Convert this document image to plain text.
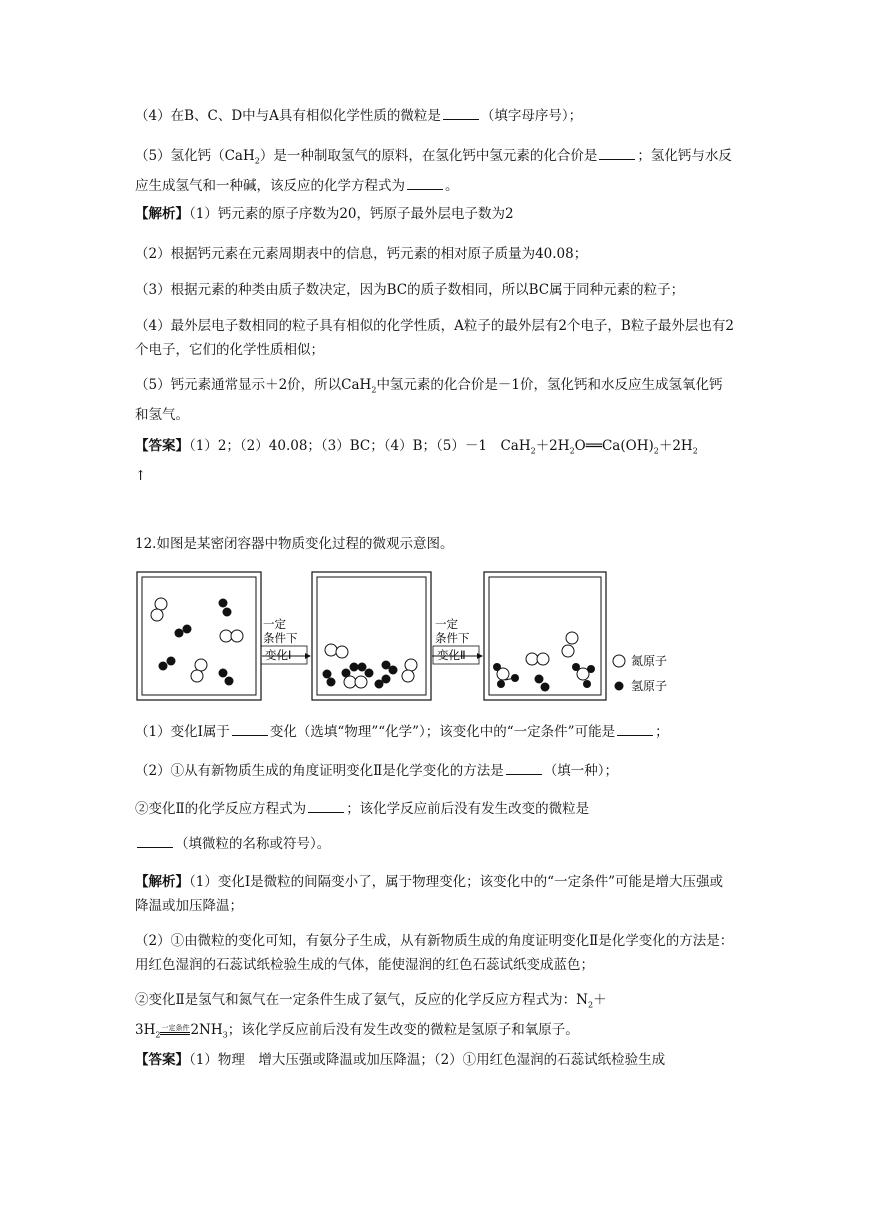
（4）在B、C、D中与A具有相似化学性质的微粒是	（填字母序号）；

（5）氢化钙（CaH$_2$）是一种制取氢气的原料，在氢化钙中氢元素的化合价是	；氢化钙与水反应生成氢气和一种碱，该反应的化学方程式为	。

【解析】（1）钙元素的原子序数为20，钙原子最外层电子数为2

（2）根据钙元素在元素周期表中的信息，钙元素的相对原子质量为40.08；

（3）根据元素的种类由质子数决定，因为BC的质子数相同，所以BC属于同种元素的粒子；

（4）最外层电子数相同的粒子具有相似的化学性质，A粒子的最外层有2个电子，B粒子最外层也有2个电子，它们的化学性质相似；

（5）钙元素通常显示＋2价，所以CaH$_2$中氢元素的化合价是－1价，氢化钙和水反应生成氢氧化钙和氢气。

【答案】（1）2；（2）40.08；（3）BC；（4）B；（5）－1　$CaH_2+2H_2O══Ca(OH)_2+2H_2$
↑

12.如图是某密闭容器中物质变化过程的微观示意图。

一定
条件下
变化Ⅰ
一定
条件下
变化Ⅱ	氮原子
氢原子

（1）变化Ⅰ属于	变化（选填“物理”“化学”）；该变化中的“一定条件”可能是	；

（2）①从有新物质生成的角度证明变化Ⅱ是化学变化的方法是	（填一种）；

②变化Ⅱ的化学反应方程式为	；该化学反应前后没有发生改变的微粒是

（填微粒的名称或符号）。

【解析】（1）变化Ⅰ是微粒的间隔变小了，属于物理变化；该变化中的“一定条件”可能是增大压强或降温或加压降温；

（2）①由微粒的变化可知，有氨分子生成，从有新物质生成的角度证明变化Ⅱ是化学变化的方法是：用红色湿润的石蕊试纸检验生成的气体，能使湿润的红色石蕊试纸变成蓝色；

②变化Ⅱ是氢气和氮气在一定条件生成了氨气，反应的化学反应方程式为：$N_2+$
$3H_2$一定条件$2NH_3$；该化学反应前后没有发生改变的微粒是氢原子和氧原子。

【答案】（1）物理　增大压强或降温或加压降温；（2）①用红色湿润的石蕊试纸检验生成
